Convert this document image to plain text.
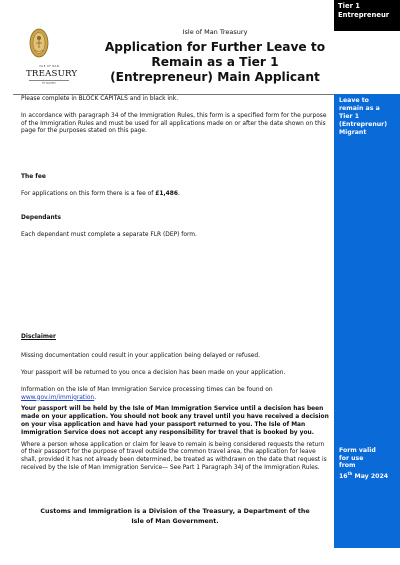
Tier 1
Entrepreneur
ISLE OF MAN
TREASURY
TE TASHTEY
Isle of Man Treasury
Application for Further Leave to
Remain as a Tier 1
(Entrepreneur) Main Applicant

Please complete in BLOCK CAPITALS and in black ink.

In accordance with paragraph 34 of the Immigration Rules, this form is a specified form for the purpose of the Immigration Rules and must be used for all applications made on or after the date shown on this page for the purposes stated on this page.

The fee

For applications on this form there is a fee of £1,486.

Dependants

Each dependant must complete a separate FLR (DEP) form.

Disclaimer

Missing documentation could result in your application being delayed or refused.

Your passport will be returned to you once a decision has been made on your application.

Information on the Isle of Man Immigration Service processing times can be found on
www.gov.im/immigration.

Your passport will be held by the Isle of Man Immigration Service until a decision has been made on your application. You should not book any travel until you have received a decision on your visa application and have had your passport returned to you. The Isle of Man Immigration Service does not accept any responsibility for travel that is booked by you.

Where a person whose application or claim for leave to remain is being considered requests the return of their passport for the purpose of travel outside the common travel area, the application for leave shall, provided it has not already been determined, be treated as withdrawn on the date that request is received by the Isle of Man Immigration Service— See Part 1 Paragraph 34J of the Immigration Rules.

Leave to
remain as a
Tier 1
(Entreprenur)
Migrant
Form valid
for use
from
16th May 2024
Customs and Immigration is a Division of the Treasury, a Department of the
Isle of Man Government.
